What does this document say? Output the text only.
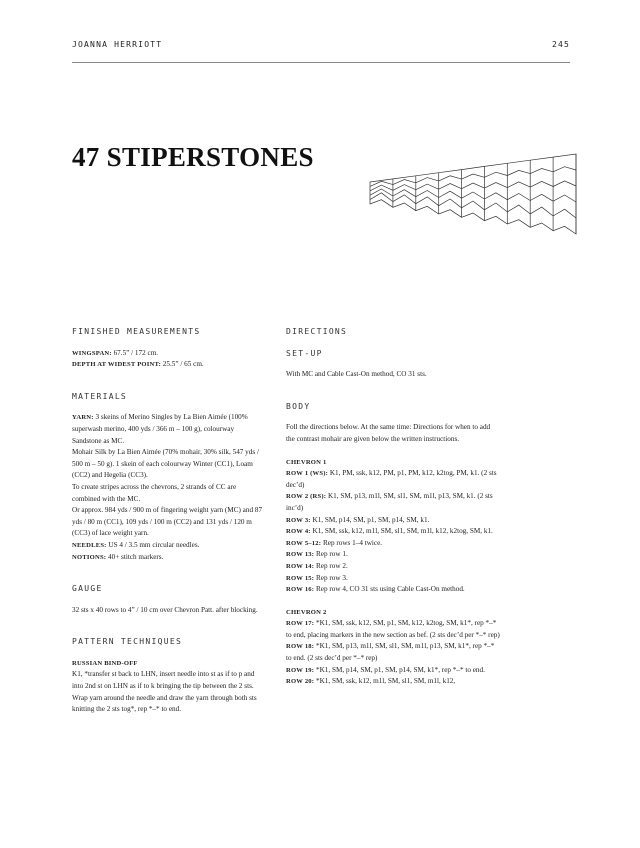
JOANNA HERRIOTT	245
47 STIPERSTONES
FINISHED MEASUREMENTS

WINGSPAN: 67.5” / 172 cm.

DEPTH AT WIDEST POINT: 25.5” / 65 cm.

MATERIALS

YARN: 3 skeins of Merino Singles by La Bien Aimée (100% superwash merino, 400 yds / 366 m – 100 g), colourway Sandstone as MC.

Mohair Silk by La Bien Aimée (70% mohair, 30% silk, 547 yds / 500 m – 50 g). 1 skein of each colourway Winter (CC1), Loam (CC2) and Hegelia (CC3).

To create stripes across the chevrons, 2 strands of CC are combined with the MC.

Or approx. 984 yds / 900 m of fingering weight yarn (MC) and 87 yds / 80 m (CC1), 109 yds / 100 m (CC2) and 131 yds / 120 m (CC3) of lace weight yarn.

NEEDLES: US 4 / 3.5 mm circular needles.

NOTIONS: 40+ stitch markers.

GAUGE

32 sts x 40 rows to 4” / 10 cm over Chevron Patt. after blocking.

PATTERN TECHNIQUES

RUSSIAN BIND-OFF

K1, *transfer st back to LHN, insert needle into st as if to p and into 2nd st on LHN as if to k bringing the tip between the 2 sts. Wrap yarn around the needle and draw the yarn through both sts knitting the 2 sts tog*, rep *–* to end.

DIRECTIONS
SET-UP

With MC and Cable Cast-On method, CO 31 sts.

BODY

Foll the directions below. At the same time: Directions for when to add the contrast mohair are given below the written instructions.

CHEVRON 1

ROW 1 (WS): K1, PM, ssk, k12, PM, p1, PM, k12, k2tog, PM, k1. (2 sts dec’d)

ROW 2 (RS): K1, SM, p13, m1l, SM, sl1, SM, m1l, p13, SM, k1. (2 sts inc’d)

ROW 3: K1, SM, p14, SM, p1, SM, p14, SM, k1.

ROW 4: K1, SM, ssk, k12, m1l, SM, sl1, SM, m1l, k12, k2tog, SM, k1.

ROW 5–12: Rep rows 1–4 twice.

ROW 13: Rep row 1.

ROW 14: Rep row 2.

ROW 15: Rep row 3.

ROW 16: Rep row 4, CO 31 sts using Cable Cast-On method.

CHEVRON 2

ROW 17: *K1, SM, ssk, k12, SM, p1, SM, k12, k2tog, SM, k1*, rep *–* to end, placing markers in the new section as bef. (2 sts dec’d per *–* rep)

ROW 18: *K1, SM, p13, m1l, SM, sl1, SM, m1l, p13, SM, k1*, rep *–* to end. (2 sts dec’d per *–* rep)

ROW 19: *K1, SM, p14, SM, p1, SM, p14, SM, k1*, rep *–* to end.

ROW 20: *K1, SM, ssk, k12, m1l, SM, sl1, SM, m1l, k12,
